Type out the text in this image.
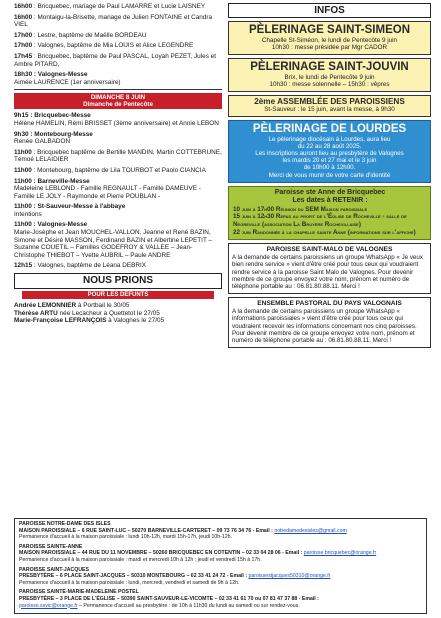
16h00 : Bricquebec, mariage de Paul LAMARRE et Lucie LAISNEY
16h00 : Montaigu-la-Brisette, mariage de Julien FONTAINE et Candra VIEL
17h00 : Lestre, baptême de Maëlle BORDEAU
17h00 : Valognes, baptême de Mia LOUIS et Alice LEGENDRE
17h45 : Bricquebec, baptême de Paul PASCAL, Loyah PEZET, Jules et Ambre PITARD,
18h30 : Valognes-Messe
Aimée LAURENCE (1er anniversaire)
DIMANCHE 8 JUIN
Dimanche de Pentecôte
9h15 : Bricquebec-Messe
Hélène HAMELIN, Rémi BRISSET (3ème anniversaire) et Annie LEBON
9h30 : Montebourg-Messe
Renée GALBADON
11h00 : Bricquebec baptême de Bertille MANDIN, Martin COTTEBRUNE, Témoé LELAIDIER
11h00 : Montebourg, baptême de Lila TOURBOT et Paolo CIANCIA
11h00 : Barneville-Messe
Madeleine LEBLOND - Famille REGNAULT - Famille DAMEUVE - Famille LE JOLY - Raymonde et Pierre POUBLAN -
11h00 : St-Sauveur-Messe à l'abbaye
Intentions
11h00 : Valognes-Messe
Marie-Josèphe et Jean MOUCHEL-VALLON, Jeanne et René BAZIN, Simone et Désiré MASSON, Ferdinand BAZIN et Albertine LEPETIT – Suzanne COUETIL – Familles GODEFROY & VALLEE – Jean-Christophe THIEBOT – Yvette AUBRIL – Paule ANDRE
12h15 : Valognes, baptême de Léana DEBRIX
NOUS PRIONS
POUR LES DÉFUNTS
Andrée LEMONNIER à Portbail le 30/05
Thérèse ARTU née Lecacheur à Quettetot le 27/05
Marie-Françoise LEFRANÇOIS à Valognes le 27/05
INFOS
PÈLERINAGE SAINT-SIMEON
Chapelle St-Siméon, le lundi de Pentecôte 9 juin
10h30 : messe présidée par Mgr CADOR
PÈLERINAGE SAINT-JOUVIN
Brix, le lundi de Pentecôte 9 juin
10h30 : messe solennelle – 15h30 : vêpres
2ème ASSEMBLÉE DES PAROISSIENS
St-Sauveur : le 15 juin, avant la messe, à 9h30
PÈLERINAGE DE LOURDES
Le pèlerinage diocésain à Lourdes, aura lieu
du 22 au 28 août 2025.
Les inscriptions auront lieu au presbytère de Valognes
les mardis 20 et 27 mai et le 3 juin
de 10h00 à 12h00.
Merci de vous munir de votre carte d'identité
Paroisse ste Anne de Bricquebec
Les dates à RETENIR :
10 juin à 17h00 Réunion du SEM Maison paroissiale
15 juin à 12h30 Repas au profit de l'Église de Rocheville - salle de Negreville (association La Bruyère Rochevillaise)
22 juin Randonnée à la chapelle sainte Anne (informations sur l'affiche)
PAROISSE SAINT-MALO DE VALOGNES
A la demande de certains paroissiens un groupe WhatsApp « Je veux bien rendre service » vient d'être créé pour tous ceux qui voudraient rendre service à la paroisse Saint Malo de Valognes. Pour devenir membre de ce groupe envoyez votre nom, prénom et numéro de téléphone portable au : 06.81.80.88.11. Merci !
ENSEMBLE PASTORAL DU PAYS VALOGNAIS
A la demande de certains paroissiens un groupe WhatsApp « informations paroissiales » vient d'être créé pour tous ceux qui voudraient recevoir les informations concernant nos cinq paroisses. Pour devenir membre de ce groupe envoyez votre nom, prénom et numéro de téléphone portable au : 06.81.80.88.11. Merci !
PAROISSE NOTRE-DAME DES ISLES
MAISON PAROISSIALE – 6 RUE SAINT-LUC – 50270 BARNEVILLE-CARTERET – 09 73 76 34 76 - Email : notredamedesisles@gmail.com
Permanence d'accueil à la maison paroissiale : lundi 10h-12h, mardi 15h-17h, jeudi 10h-12h.
PAROISSE SAINTE-ANNE
MAISON PAROISSIALE – 44 RUE DU 11 NOVEMBRE – 50260 BRICQUEBEC EN COTENTIN – 02 33 04 28 06 - Email : paroisse.bricquebec@orange.fr
Permanence d'accueil à la maison paroissiale : mardi et mercredi 10h à 12h ; jeudi et vendredi 15h à 17h.
PAROISSE SAINT-JACQUES
PRESBYTÈRE – 6 PLACE SAINT-JACQUES – 50310 MONTEBOURG – 02 33 41 24 72 - Email : paroissestjacques50310@orange.fr
Permanence d'accueil à la maison paroissiale : lundi, mercredi, vendredi et samedi de 9h à 12h.
PAROISSE SAINTE-MARIE-MADELEINE POSTEL
PRESBYTÈRE – 3 PLACE DE L'ÉGLISE – 50390 SAINT-SAUVEUR-LE-VICOMTE – 02 33 41 61 70 ou 07 81 47 37 88 - Email :
paroisse.ssvic@orange.fr – Permanence d'accueil au presbytère : de 10h à 11h30 du lundi au samedi ou sur rendez-vous.
